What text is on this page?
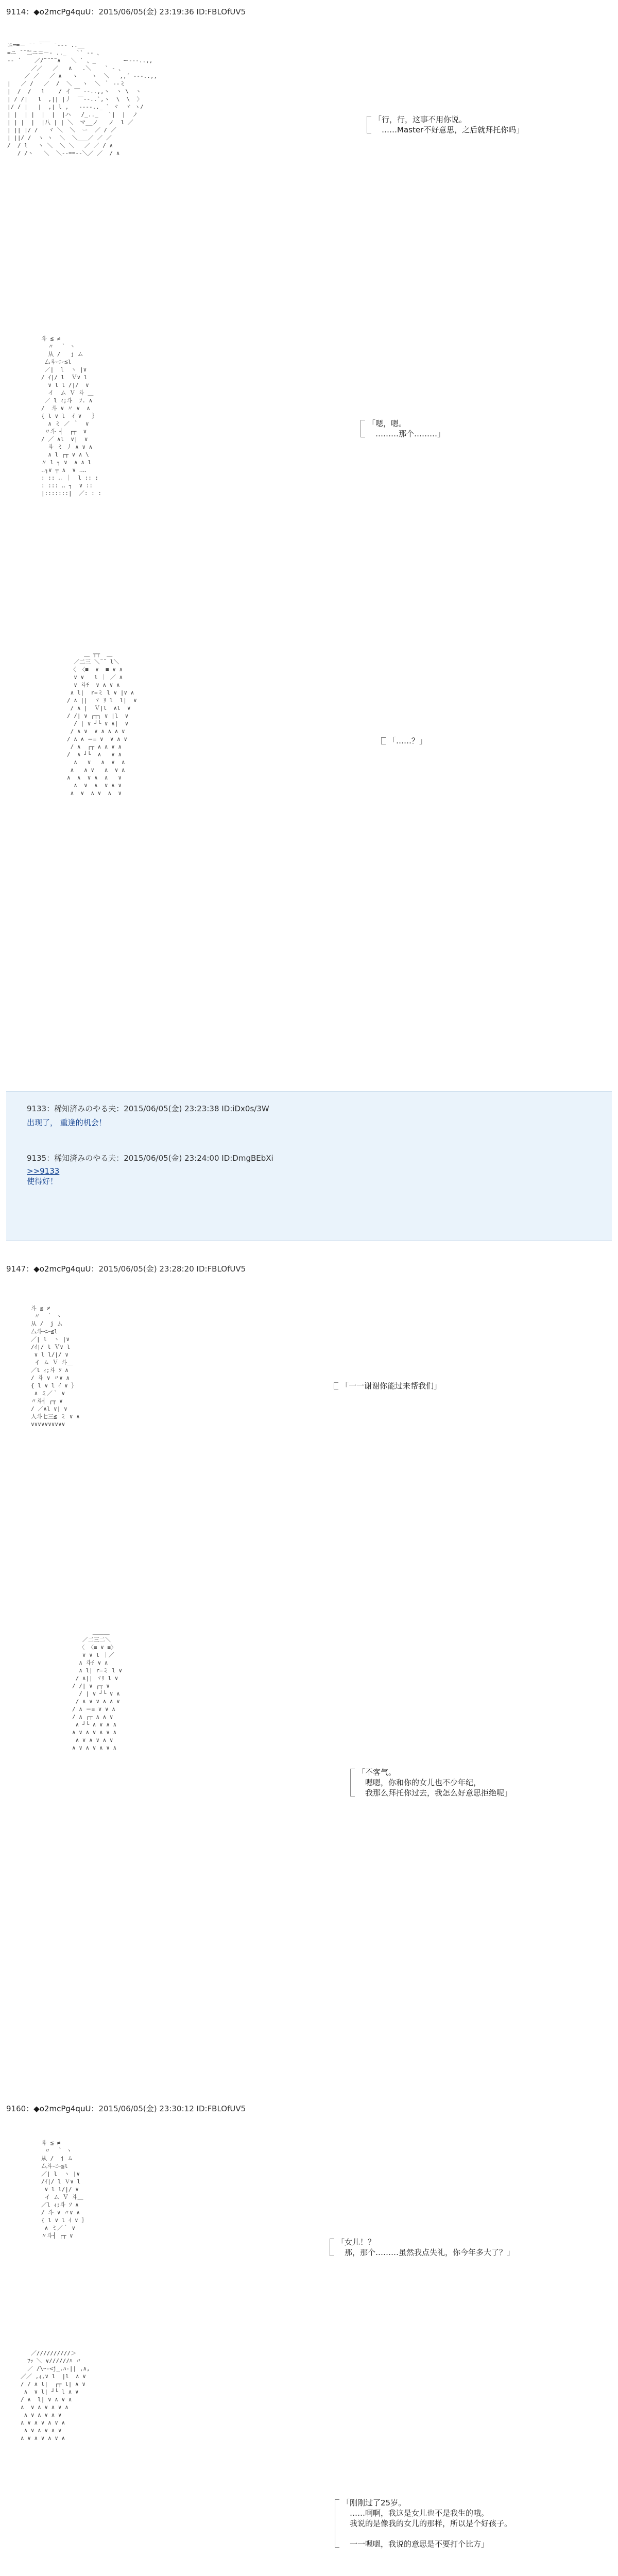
9114：◆o2mcPg4quU：2015/06/05(金) 23:19:36 ID:FBLOfUV5
ニ━=－ ¯¯ ̄￣￣ ̄ ‐-- ..__
=ニ ̄ ̄ ̄二ニ＝－‐ .._   `` ‐- 、
-‐ ´    ／/¨¨¨¨∧   ＼ ` 、_        ー‐--..,,
／／   ／   ∧   .＼    ` ‐ 、
／ ／   ／ ∧   ヽ    ヽ  ＼   ,,´ ‐‐-..,,
|   ／ /   ／  /  ＼   ヽ  ＼ ｀ ‐-ミ
|  /  /   l    / イ ￣ ‐-..,,ヽ  ヽ \  ヽ
| / /|   l  ,|| |丿  ￣‐-..`,ヽ  \  \  〉
|/ / |   |  ,| l ,   ‐---.._ ` ヾ  ヾ ヽ/
| |  | |  |  |  |ハ   /_.._   `|  |  ノ
| | |  |  |八 | | ＼  マ__ノ   ノ  l ／
| || |/ /   ヾ ＼  ＼  ー  ／ / ／
| ||/ /  ヽ ヽ  ＼  ＼___／ ／ ／
/  / l   ヽ ＼  ＼ ＼   ／ ／ / ∧
/ /ヽ   ＼  ＼-‐==‐-＼／ ／  / ∧
「行，行，这事不用你说。
　……Master不好意思，之后就拜托你吗」
斗 ≦ ≠
〃  ｀ ヽ
从 /   j ム
厶斗ｰﾆｰ≦l
／|  l  ヽ |∨
/ ｲ|/ l  Ｖ∨ l
∨ l l /|/  ∨
イ  ム Ｖ 斗 ＿
／ l ｨ;斗  ｿ. ∧
/  斗 ∨ 〃 ∨  ∧
{ l ∨ l  ｲ ∨   ｝
∧ ミ ／ ｀  ∨
〃斗 ┤  ┌┬  ∨
/ ／ ∧l  ∨|  ∨
斗 ミ 丿 ∧ ∨ ∧
∧ l ┌┬ ∨ ∧ \
〃 l ┐ ∨  ∧ ∧ l
‥┐∨ ┬ ∧  ∨ ‥‥
: :: ‥ ｜  l :: :
: ::: ‥ ┐  ∨ ::
|:::::::|  ／: : :
「嗯，嗯。
　………那个………」
＿ ┬┬  ＿
／二三 ＼¨¨ l＼
〈 〈≡  ∨  ≡ ∨ ∧
∨ ∨   l ｜ ／ ∧
∨ 斗ﾁ  ∨ ∧ ∨ ∧
∧ l|  r=ミ l ∨ |∨ ∧
/ ∧ ||  ヾ ﾘ l  l|  ∨
/ ∧ |  Ｖ|l  ∧l  ∨
/ /| ∨ ┌┬┐ ∨ |l  ∨
/ | ∨ ┘└ ∨ ∧|  ∨
/ ∧ ∨  ∨ ∧ ∧ ∧ ∨
/ ∧ ∧ ＝≡ ∨  ∨ ∧ ∨
/ ∧  ┌┬ ∧ ∧ ∨ ∧
/  ∧ ┘└  ∧   ∨ ∧
∧   ∨   ∧  ∨  ∧
∧   ∧ ∨   ∧  ∨ ∧
∧  ∧  ∨ ∧  ∧   ∨
∧  ∨  ∧  ∨ ∧ ∨
∧  ∨  ∧ ∨  ∧  ∨
「……？」
9133：稀知済みのやる夫：2015/06/05(金) 23:23:38 ID:iDx0s/3W
出现了， 重逢的机会！
9135：稀知済みのやる夫：2015/06/05(金) 23:24:00 ID:DmgBEbXi
>>9133
使得好！
9147：◆o2mcPg4quU：2015/06/05(金) 23:28:20 ID:FBLOfUV5
斗 ≦ ≠
〃  ｀ ヽ
从 /  j ム
厶斗ｰﾆｰ≦l
／| l  ヽ |∨
/ｲ|/ l Ｖ∨ l
∨ l l/|/ ∨
イ ム Ｖ 斗＿
／l ｨ;斗 ｿ ∧
/ 斗 ∨ 〃∨ ∧
{ l ∨ l ｲ ∨ ｝
∧ ミ／｀ ∨
〃斗┤ ┌┬ ∨
/ ／∧l ∨| ∨
人斗七三≦ ミ ∨ ∧
∨∨∨∨∨∨∨∨∨∨
「一一谢谢你能过来帮我们」
＿＿＿
／二三二＼
〈 〈≡ ∨ ≡〉
∨ ∨ l ｜／
∧ 斗ﾁ ∨ ∧
∧ l| r=ミ l ∨
/ ∧|| ヾﾘ l ∨
/ /| ∨ ┌┬ ∨
/ | ∨ ┘└ ∨ ∧
/ ∧ ∨ ∨ ∧ ∧ ∨
/ ∧ ＝≡ ∨ ∨ ∧
/ ∧ ┌┬ ∧ ∧ ∨
∧ ┘└ ∧ ∨ ∧ ∧
∧ ∨ ∧ ∨ ∧ ∨ ∧
∧ ∨ ∧ ∨ ∧ ∨
∧ ∨ ∧ ∨ ∧ ∨ ∧
「不客气。
　嗯嗯，你和你的女儿也不少年纪，
　我那么拜托你过去，我怎么好意思拒绝呢」
9160：◆o2mcPg4quU：2015/06/05(金) 23:30:12 ID:FBLOfUV5
斗 ≦ ≠
〃  ｀ ヽ
从 /  j ム
厶斗ｰﾆｰ≦l
／| l  ヽ |∨
/ｲ|/ l Ｖ∨ l
∨ l l/|/ ∨
イ ム Ｖ 斗＿
／l ｨ;斗 ｿ ∧
/ 斗 ∨ 〃∨ ∧
{ l ∨ l ｲ ∨ ｝
∧ ミ／｀ ∨
〃斗┤ ┌┬ ∨
「女儿！？
　那，那个………虽然我点失礼，你今年多大了？」
／//////////＞
ﾌｯ ＼ ∨//////ﾊ 〃
／ /\ｰ-<j_.ﾊ‐|| ,∧,
／／ ,ｨ,∨ l  |l  ∧ ∨
/ / ∧ l|  ┌┬ l| ∧ ∨
∧  ∨ l| ┘└ l ∧ ∨
/ ∧  l| ∨ ∧ ∨ ∧
∧  ∨ ∧ ∨ ∧ ∨ ∧
∧ ∨ ∧ ∨ ∧ ∨
∧ ∨ ∧ ∨ ∧ ∨ ∧
∧ ∨ ∧ ∨ ∧ ∨
∧ ∨ ∧ ∨ ∧ ∨ ∧
「刚刚过了25岁。
　……啊啊，我这是女儿也不是我生的哦。
　我说的是像我的女儿的那样，所以是个好孩子。

　一一嗯嗯，我说的意思是不要打个比方」
